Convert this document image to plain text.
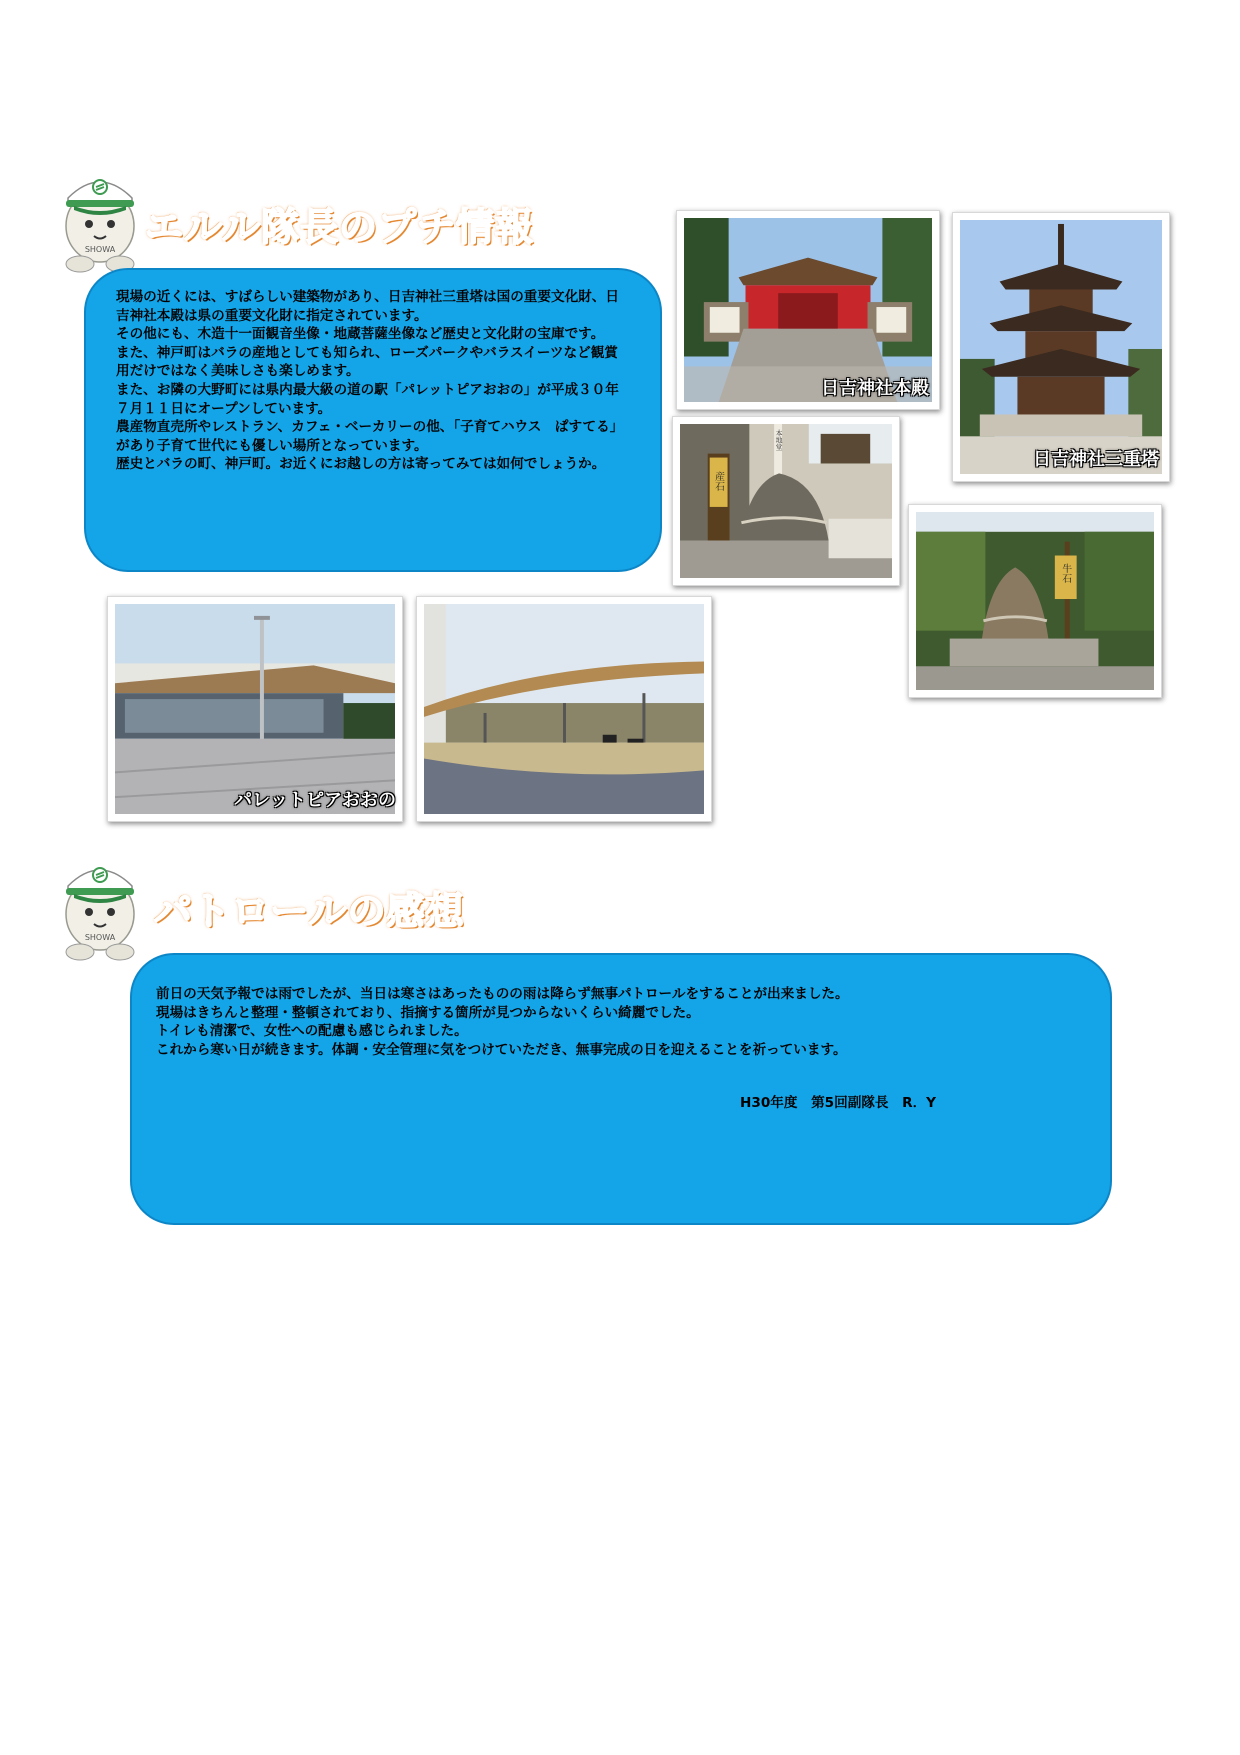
SHOWA
エルル隊長のプチ情報

現場の近くには、すばらしい建築物があり、日吉神社三重塔は国の重要文化財、日吉神社本殿は県の重要文化財に指定されています。

その他にも、木造十一面観音坐像・地蔵菩薩坐像など歴史と文化財の宝庫です。

また、神戸町はバラの産地としても知られ、ローズパークやバラスイーツなど観賞用だけではなく美味しさも楽しめます。

また、お隣の大野町には県内最大級の道の駅「パレットピアおおの」が平成３０年７月１１日にオープンしています。

農産物直売所やレストラン、カフェ・ベーカリーの他、「子育てハウス　ぱすてる」があり子育て世代にも優しい場所となっています。

歴史とバラの町、神戸町。お近くにお越しの方は寄ってみては如何でしょうか。

日吉神社本殿
日吉神社三重塔
産石
本地堂
牛石
パレットピアおおの
SHOWA
パトロールの感想

前日の天気予報では雨でしたが、当日は寒さはあったものの雨は降らず無事パトロールをすることが出来ました。

現場はきちんと整理・整頓されており、指摘する箇所が見つからないくらい綺麗でした。

トイレも清潔で、女性への配慮も感じられました。

これから寒い日が続きます。体調・安全管理に気をつけていただき、無事完成の日を迎えることを祈っています。

H30年度　第5回副隊長　R．Y
